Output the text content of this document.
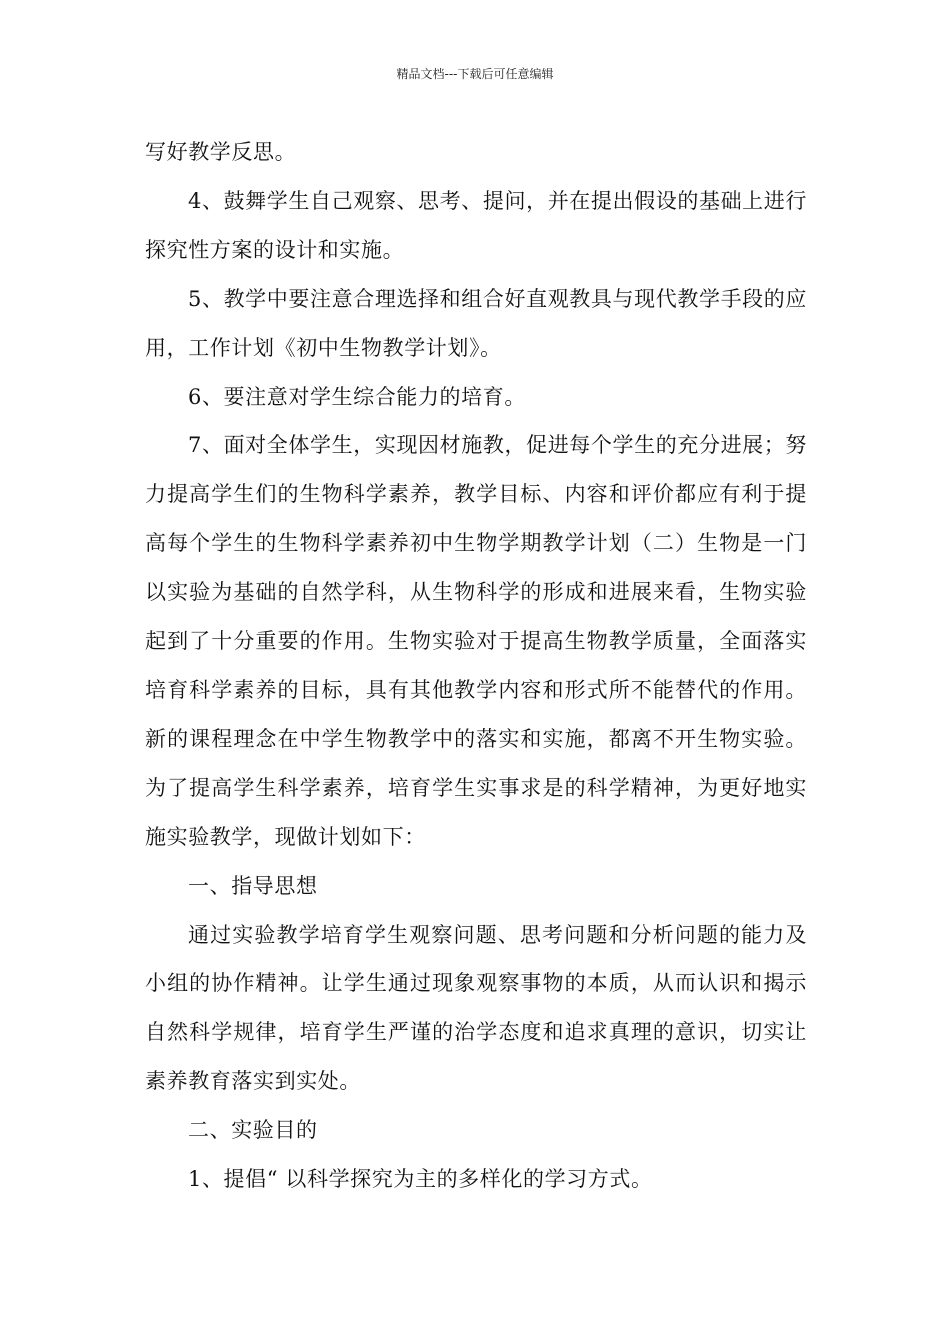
精品文档---下载后可任意编辑

写好教学反思。

4、鼓舞学生自己观察、思考、提问，并在提出假设的基础上进行探究性方案的设计和实施。

5、教学中要注意合理选择和组合好直观教具与现代教学手段的应用，工作计划《初中生物教学计划》。

6、要注意对学生综合能力的培育。

7、面对全体学生，实现因材施教，促进每个学生的充分进展；努力提高学生们的生物科学素养，教学目标、内容和评价都应有利于提高每个学生的生物科学素养初中生物学期教学计划（二）生物是一门以实验为基础的自然学科，从生物科学的形成和进展来看，生物实验起到了十分重要的作用。生物实验对于提高生物教学质量，全面落实培育科学素养的目标，具有其他教学内容和形式所不能替代的作用。新的课程理念在中学生物教学中的落实和实施，都离不开生物实验。为了提高学生科学素养，培育学生实事求是的科学精神，为更好地实施实验教学，现做计划如下：

一、指导思想

通过实验教学培育学生观察问题、思考问题和分析问题的能力及小组的协作精神。让学生通过现象观察事物的本质，从而认识和揭示自然科学规律，培育学生严谨的治学态度和追求真理的意识，切实让素养教育落实到实处。

二、实验目的

1、提倡“ 以科学探究为主的多样化的学习方式。
